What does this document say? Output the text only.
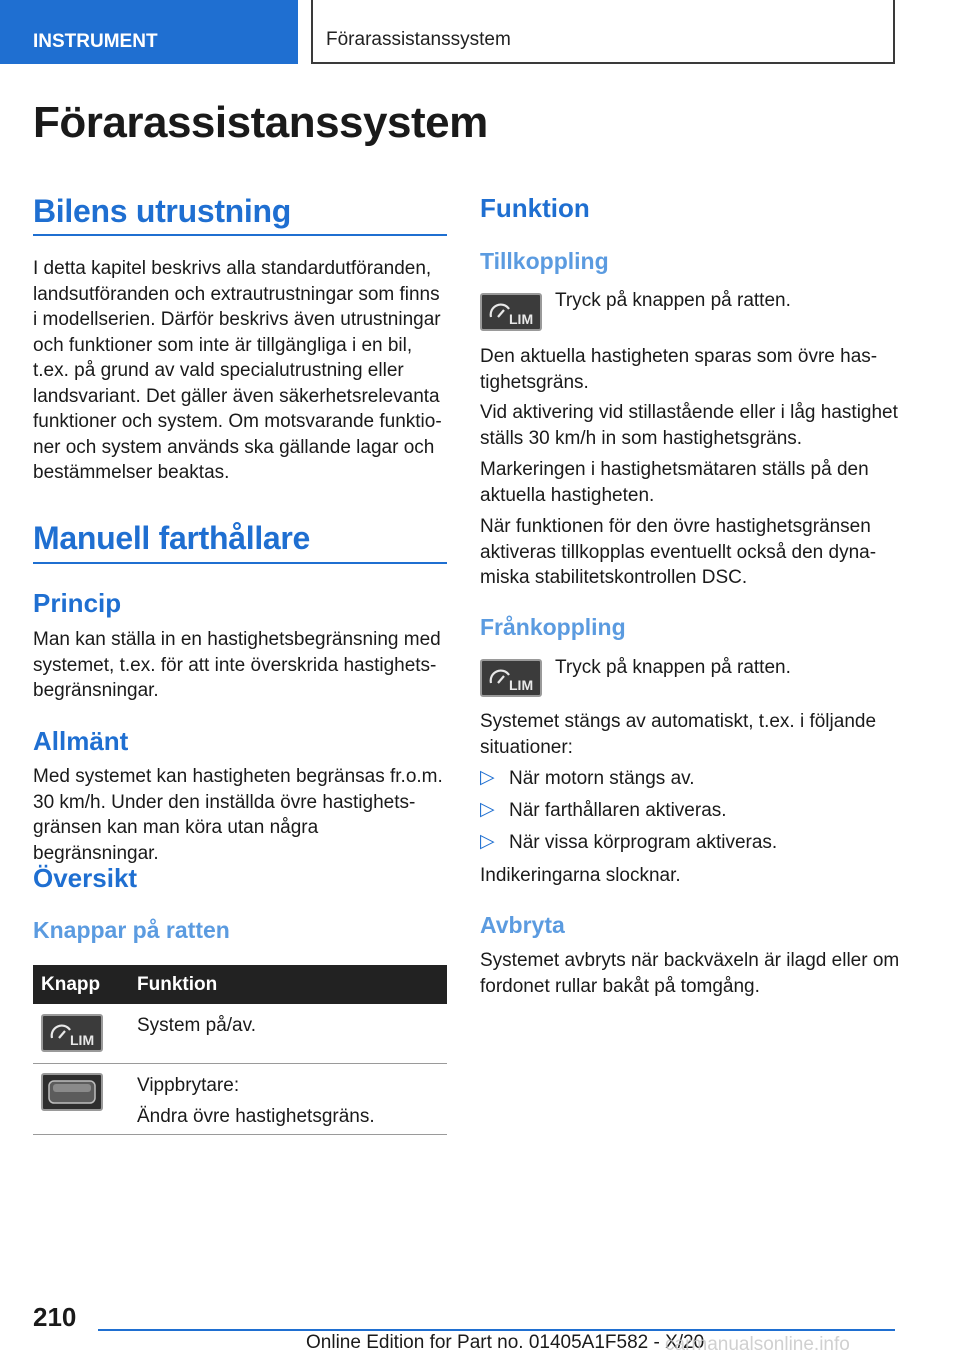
INSTRUMENT	Förarassistanssystem
Förarassistanssystem
Bilens utrustning
I detta kapitel beskrivs alla standardutföranden,
landsutföranden och extrautrustningar som finns
i modellserien. Därför beskrivs även utrustningar
och funktioner som inte är tillgängliga i en bil,
t.ex. på grund av vald specialutrustning eller
landsvariant. Det gäller även säkerhetsrelevanta
funktioner och system. Om motsvarande funktio‐
ner och system används ska gällande lagar och
bestämmelser beaktas.
Manuell farthållare
Princip
Man kan ställa in en hastighetsbegränsning med
systemet, t.ex. för att inte överskrida hastighets‐
begränsningar.
Allmänt
Med systemet kan hastigheten begränsas fr.o.m.
30 km/h. Under den inställda övre hastighets‐
gränsen kan man köra utan några begränsningar.
Översikt
Knappar på ratten
Knapp Funktion
LIM
System på/av.
Vippbrytare:
Ändra övre hastighetsgräns.
Funktion
Tillkoppling
LIM
Tryck på knappen på ratten.
Den aktuella hastigheten sparas som övre has‐
tighetsgräns.
Vid aktivering vid stillastående eller i låg hastighet
ställs 30 km/h in som hastighetsgräns.
Markeringen i hastighetsmätaren ställs på den
aktuella hastigheten.
När funktionen för den övre hastighetsgränsen
aktiveras tillkopplas eventuellt också den dyna‐
miska stabilitetskontrollen DSC.
Frånkoppling
LIM
Tryck på knappen på ratten.
Systemet stängs av automatiskt, t.ex. i följande
situationer:
▷ När motorn stängs av.
▷ När farthållaren aktiveras.
▷ När vissa körprogram aktiveras.
Indikeringarna slocknar.
Avbryta
Systemet avbryts när backväxeln är ilagd eller om
fordonet rullar bakåt på tomgång.
210
Online Edition for Part no. 01405A1F582 - X/20
carmanualsonline.info
